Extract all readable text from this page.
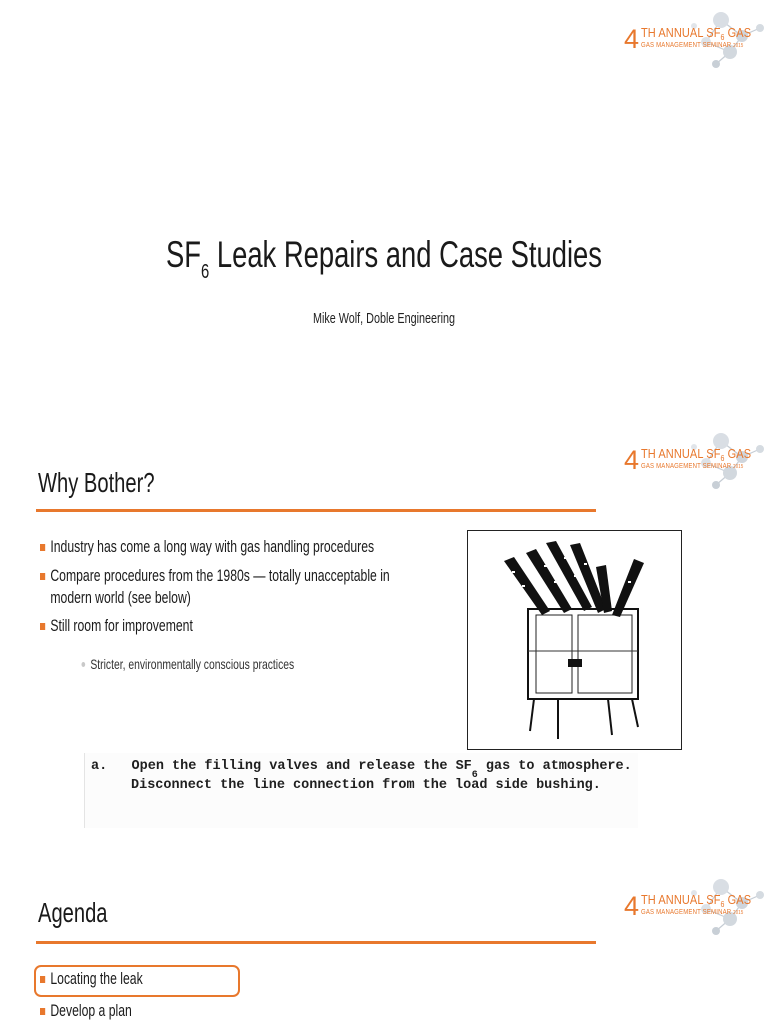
4 TH ANNUAL $SF_6$ GAS
GAS MANAGEMENT SEMINAR 2015
$SF_6$ Leak Repairs and Case Studies
Mike Wolf, Doble Engineering
4 TH ANNUAL $SF_6$ GAS
GAS MANAGEMENT SEMINAR 2015
Why Bother?
Industry has come a long way with gas handling procedures
Compare procedures from the 1980s — totally unacceptable in
modern world (see below)
Still room for improvement
Stricter, environmentally conscious practices
a. Open the filling valves and release the $SF_6$ gas to atmosphere.
Disconnect the line connection from the load side bushing.
4 TH ANNUAL $SF_6$ GAS
GAS MANAGEMENT SEMINAR 2015
Agenda
Locating the leak
Develop a plan
